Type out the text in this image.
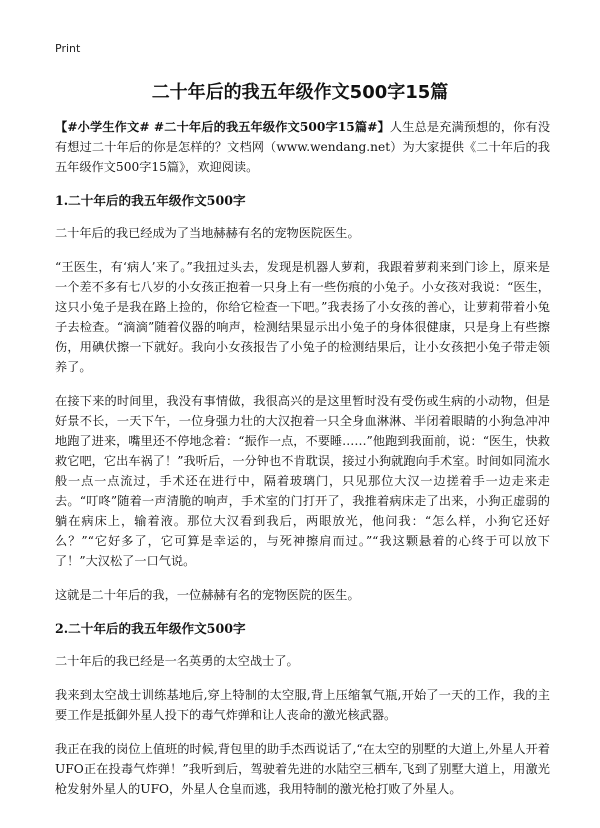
Print
二十年后的我五年级作文500字15篇

【#小学生作文# #二十年后的我五年级作文500字15篇#】人生总是充满预想的，你有没有想过二十年后的你是怎样的？文档网（www.wendang.net）为大家提供《二十年后的我五年级作文500字15篇》，欢迎阅读。

1.二十年后的我五年级作文500字

二十年后的我已经成为了当地赫赫有名的宠物医院医生。

“王医生，有‘病人’来了。”我扭过头去，发现是机器人萝莉，我跟着萝莉来到门诊上，原来是一个差不多有七八岁的小女孩正抱着一只身上有一些伤痕的小兔子。小女孩对我说：“医生，这只小兔子是我在路上捡的，你给它检查一下吧。”我表扬了小女孩的善心，让萝莉带着小兔子去检查。“滴滴”随着仪器的响声，检测结果显示出小兔子的身体很健康，只是身上有些擦伤，用碘伏擦一下就好。我向小女孩报告了小兔子的检测结果后，让小女孩把小兔子带走领养了。

在接下来的时间里，我没有事情做，我很高兴的是这里暂时没有受伤或生病的小动物，但是好景不长，一天下午，一位身强力壮的大汉抱着一只全身血淋淋、半闭着眼睛的小狗急冲冲地跑了进来，嘴里还不停地念着：“振作一点，不要睡……”他跑到我面前，说：“医生，快救救它吧，它出车祸了！”我听后，一分钟也不肯耽误，接过小狗就跑向手术室。时间如同流水般一点一点流过，手术还在进行中，隔着玻璃门，只见那位大汉一边搓着手一边走来走去。“叮咚”随着一声清脆的响声，手术室的门打开了，我推着病床走了出来，小狗正虚弱的躺在病床上，输着液。那位大汉看到我后，两眼放光，他问我：“怎么样，小狗它还好么？”“它好多了，它可算是幸运的，与死神擦肩而过。”“我这颗悬着的心终于可以放下了！”大汉松了一口气说。

这就是二十年后的我，一位赫赫有名的宠物医院的医生。

2.二十年后的我五年级作文500字

二十年后的我已经是一名英勇的太空战士了。

我来到太空战士训练基地后,穿上特制的太空服,背上压缩氧气瓶,开始了一天的工作，我的主要工作是抵御外星人投下的毒气炸弹和让人丧命的激光核武器。

我正在我的岗位上值班的时候,背包里的助手杰西说话了,“在太空的别墅的大道上,外星人开着UFO正在投毒气炸弹！”我听到后，驾驶着先进的水陆空三栖车,飞到了别墅大道上，用激光枪发射外星人的UFO，外星人仓皇而逃，我用特制的激光枪打败了外星人。
